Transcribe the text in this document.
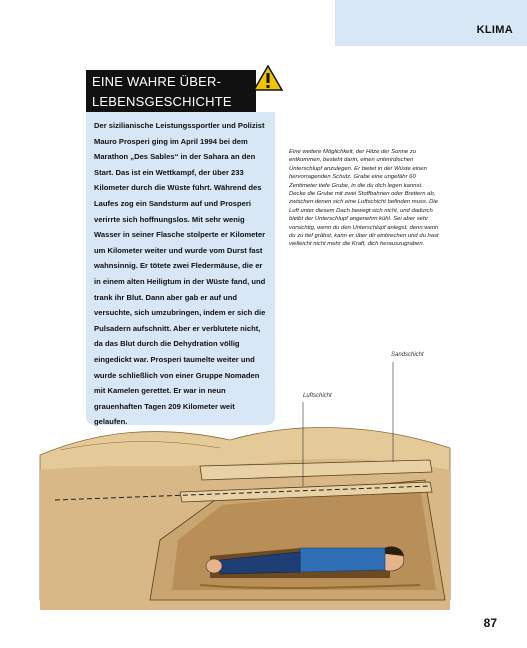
KLIMA
EINE WAHRE ÜBER-
LEBENSGESCHICHTE
Der sizilianische Leistungssportler und Polizist Mauro Prosperi ging im April 1994 bei dem Marathon „Des Sables“ in der Sahara an den Start. Das ist ein Wettkampf, der über 233 Kilometer durch die Wüste führt. Während des Laufes zog ein Sandsturm auf und Prosperi verirrte sich hoffnungslos. Mit sehr wenig Wasser in seiner Flasche stolperte er Kilometer um Kilometer weiter und wurde vom Durst fast wahnsinnig. Er tötete zwei Fledermäuse, die er in einem alten Heiligtum in der Wüste fand, und trank ihr Blut. Dann aber gab er auf und versuchte, sich umzubringen, indem er sich die Pulsadern aufschnitt. Aber er verblutete nicht, da das Blut durch die Dehydration völlig eingedickt war. Prosperi taumelte weiter und wurde schließlich von einer Gruppe Nomaden mit Kamelen gerettet. Er war in neun grauenhaften Tagen 209 Kilometer weit gelaufen.
Eine weitere Möglichkeit, der Hitze der Sonne zu entkommen, besteht darin, einen unterirdischen Unterschlupf anzulegen. Er bietet in der Wüste einen hervorragenden Schutz. Grabe eine ungefähr 60 Zentimeter tiefe Grube, in die du dich legen kannst. Decke die Grube mit zwei Stoffbahnen oder Brettern ab, zwischen denen sich eine Luftschicht befinden muss. Die Luft unter diesem Dach bewegt sich nicht, und dadurch bleibt der Unterschlupf angenehm kühl. Sei aber sehr vorsichtig, wenn du den Unterschlupf anlegst, denn wenn du zu tief gräbst, kann er über dir einbrechen und du hast vielleicht nicht mehr die Kraft, dich herauszugraben.
Sandschicht
Luftschicht
87
